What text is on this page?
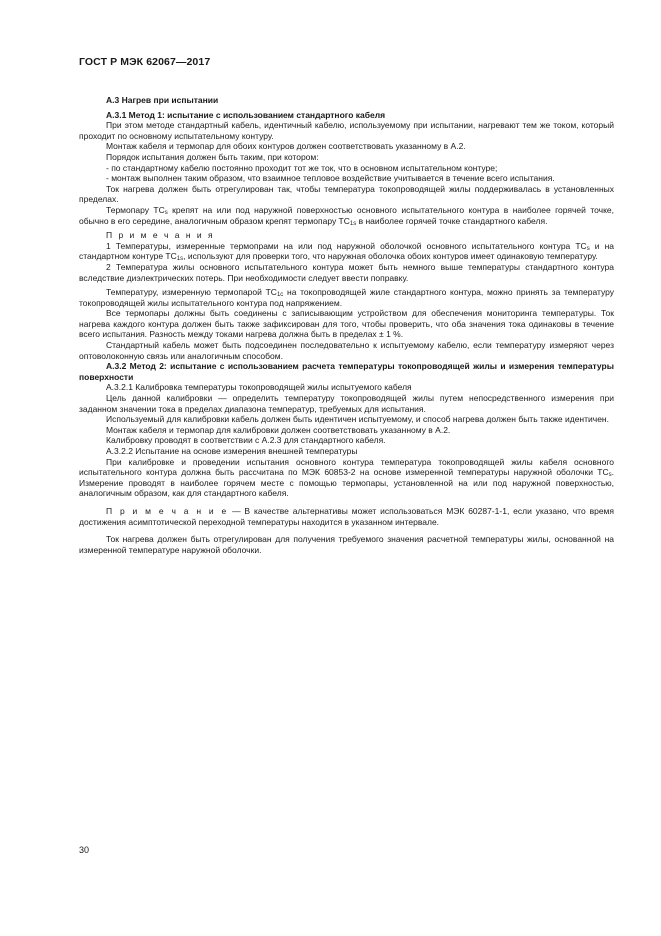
ГОСТ Р МЭК 62067—2017

А.3 Нагрев при испытании

А.3.1 Метод 1: испытание с использованием стандартного кабеля

При этом методе стандартный кабель, идентичный кабелю, используемому при испытании, нагревают тем же током, который проходит по основному испытательному контуру.

Монтаж кабеля и термопар для обоих контуров должен соответствовать указанному в А.2.

Порядок испытания должен быть таким, при котором:

- по стандартному кабелю постоянно проходит тот же ток, что в основном испытательном контуре;

- монтаж выполнен таким образом, что взаимное тепловое воздействие учитывается в течение всего испытания.

Ток нагрева должен быть отрегулирован так, чтобы температура токопроводящей жилы поддерживалась в установленных пределах.

Термопару $ТС_s$ крепят на или под наружной поверхностью основного испытательного контура в наиболее горячей точке, обычно в его середине, аналогичным образом крепят термопару $ТС_{1s}$ в наиболее горячей точке стандартного кабеля.

П р и м е ч а н и я

1 Температуры, измеренные термопрами на или под наружной оболочкой основного испытательного контура $ТС_s$ и на стандартном контуре $ТС_{1s}$, используют для проверки того, что наружная оболочка обоих контуров имеет одинаковую температуру.

2 Температура жилы основного испытательного контура может быть немного выше температуры стандартного контура вследствие диэлектрических потерь. При необходимости следует ввести поправку.

Температуру, измеренную термопарой $ТС_{1c}$ на токопроводящей жиле стандартного контура, можно принять за температуру токопроводящей жилы испытательного контура под напряжением.

Все термопары должны быть соединены с записывающим устройством для обеспечения мониторинга температуры. Ток нагрева каждого контура должен быть также зафиксирован для того, чтобы проверить, что оба значения тока одинаковы в течение всего испытания. Разность между токами нагрева должна быть в пределах ± 1 %.

Стандартный кабель может быть подсоединен последовательно к испытуемому кабелю, если температуру измеряют через оптоволоконную связь или аналогичным способом.

А.3.2 Метод 2: испытание с использованием расчета температуры токопроводящей жилы и измерения температуры поверхности

А.3.2.1 Калибровка температуры токопроводящей жилы испытуемого кабеля

Цель данной калибровки — определить температуру токопроводящей жилы путем непосредственного измерения при заданном значении тока в пределах диапазона температур, требуемых для испытания.

Используемый для калибровки кабель должен быть идентичен испытуемому, и способ нагрева должен быть также идентичен.

Монтаж кабеля и термопар для калибровки должен соответствовать указанному в А.2.

Калибровку проводят в соответствии с А.2.3 для стандартного кабеля.

А.3.2.2 Испытание на основе измерения внешней температуры

При калибровке и проведении испытания основного контура температура токопроводящей жилы кабеля основного испытательного контура должна быть рассчитана по МЭК 60853-2 на основе измеренной температуры наружной оболочки $ТС_s$. Измерение проводят в наиболее горячем месте с помощью термопары, установленной на или под наружной поверхностью, аналогичным образом, как для стандартного кабеля.

П р и м е ч а н и е — В качестве альтернативы может использоваться МЭК 60287-1-1, если указано, что время достижения асимптотической переходной температуры находится в указанном интервале.

Ток нагрева должен быть отрегулирован для получения требуемого значения расчетной температуры жилы, основанной на измеренной температуре наружной оболочки.

30
